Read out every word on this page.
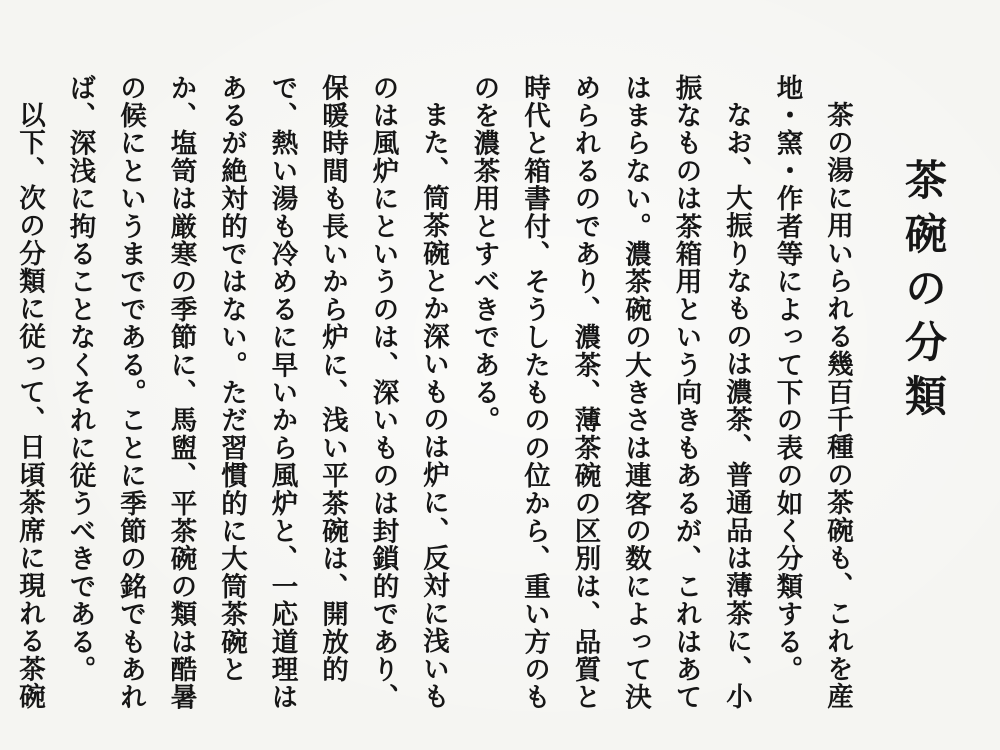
茶碗の分類

茶の湯に用いられる幾百千種の茶碗も、これを産地・窯・作者等によって下の表の如く分類する。

なお、大振りなものは濃茶、普通品は薄茶に、小振なものは茶箱用という向きもあるが、これはあてはまらない。濃茶碗の大きさは連客の数によって決められるのであり、濃茶、薄茶碗の区別は、品質と時代と箱書付、そうしたものの位から、重い方のものを濃茶用とすべきである。

また、筒茶碗とか深いものは炉に、反対に浅いものは風炉にというのは、深いものは封鎖的であり、保暖時間も長いから炉に、浅い平茶碗は、開放的で、熱い湯も冷めるに早いから風炉と、一応道理はあるが絶対的ではない。ただ習慣的に大筒茶碗とか、塩笥は厳寒の季節に、馬盥、平茶碗の類は酷暑の候にというまでである。ことに季節の銘でもあれば、深浅に拘ることなくそれに従うべきである。

以下、次の分類に従って、日頃茶席に現れる茶碗
